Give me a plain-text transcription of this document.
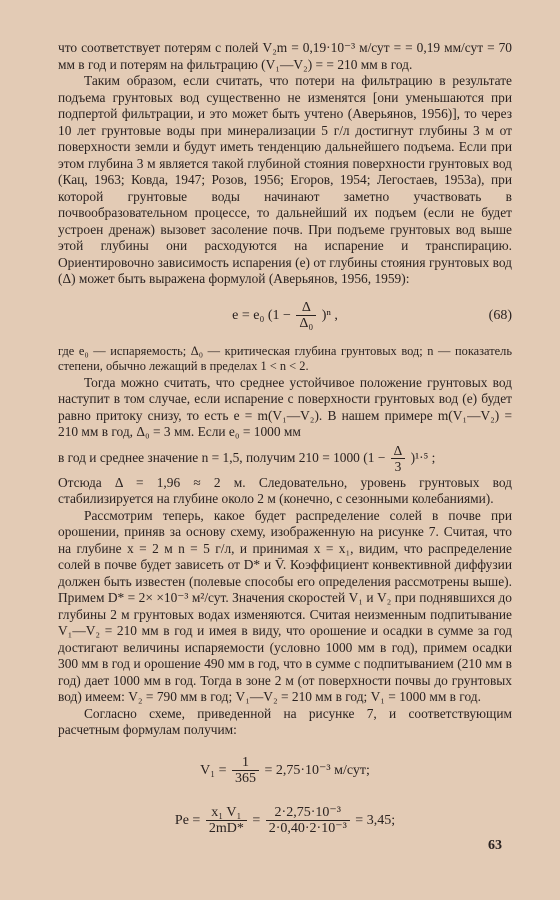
что соответствует потерям с полей V₂m = 0,19·10⁻³ м/сут = = 0,19 мм/сут = 70 мм в год и потерям на фильтрацию (V₁—V₂) = = 210 мм в год.

Таким образом, если считать, что потери на фильтрацию в результате подъема грунтовых вод существенно не изменятся [они уменьшаются при подпертой фильтрации, и это может быть учтено (Аверьянов, 1956)], то через 10 лет грунтовые воды при минерализации 5 г/л достигнут глубины 3 м от поверхности земли и будут иметь тенденцию дальнейшего подъема. Если при этом глубина 3 м является такой глубиной стояния поверхности грунтовых вод (Кац, 1963; Ковда, 1947; Розов, 1956; Егоров, 1954; Легостаев, 1953а), при которой грунтовые воды начинают заметно участвовать в почвообразовательном процессе, то дальнейший их подъем (если не будет устроен дренаж) вызовет засоление почв. При подъеме грунтовых вод выше этой глубины они расходуются на испарение и транспирацию. Ориентировочно зависимость испарения (е) от глубины стояния грунтовых вод (Δ) может быть выражена формулой (Аверьянов, 1956, 1959):

e = e₀ $(1 - \frac{\Delta}{\text{Δ₀}} )^n$ ,	(68)

где e₀ — испаряемость; Δ₀ — критическая глубина грунтовых вод; n — показатель степени, обычно лежащий в пределах 1 < n < 2.

Тогда можно считать, что среднее устойчивое положение грунтовых вод наступит в том случае, если испарение с поверхности грунтовых вод (е) будет равно притоку снизу, то есть e = m(V₁—V₂). В нашем примере m(V₁—V₂) = 210 мм в год, Δ₀ = 3 мм. Если e₀ = 1000 мм

в год и среднее значение n = 1,5, получим 210 = 1000 $(1 - \frac{\Delta}{3} )^1\cdot^5$ ;

Отсюда Δ = 1,96 ≈ 2 м. Следовательно, уровень грунтовых вод стабилизируется на глубине около 2 м (конечно, с сезонными колебаниями).

Рассмотрим теперь, какое будет распределение солей в почве при орошении, приняв за основу схему, изображенную на рисунке 7. Считая, что на глубине x = 2 м n = 5 г/л, и принимая x = x₁, видим, что распределение солей в почве будет зависеть от D* и V̄. Коэффициент конвективной диффузии должен быть известен (полевые способы его определения рассмотрены выше). Примем D* = 2× ×10⁻³ м²/сут. Значения скоростей V₁ и V₂ при поднявшихся до глубины 2 м грунтовых водах изменяются. Считая неизменным подпитывание V₁—V₂ = 210 мм в год и имея в виду, что орошение и осадки в сумме за год достигают величины испаряемости (условно 1000 мм в год), примем осадки 300 мм в год и орошение 490 мм в год, что в сумме с подпитыванием (210 мм в год) дает 1000 мм в год. Тогда в зоне 2 м (от поверхности почвы до грунтовых вод) имеем: V₂ = 790 мм в год; V₁—V₂ = 210 мм в год; V₁ = 1000 мм в год.

Согласно схеме, приведенной на рисунке 7, и соответствующим расчетным формулам получим:

$V_1 = \frac{1}{365} = 2,75\cdot 10^{-3}$ м/сут;
$Pe = \frac{\text{x₁ V₁}}{2mD*} = \frac{\text{2·2,75·10⁻³}}{\text{2·0,40·2·10⁻³}} = 3,45$;
63
